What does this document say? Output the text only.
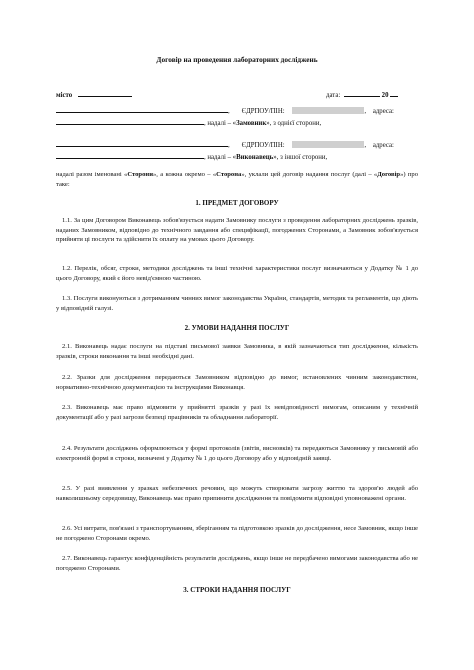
Договір на проведення лабораторних досліджень
місто	дата:	20
,       ЄДРПОУ/ПІН:	,    адреса:
, надалі – «Замовник», з однієї сторони,
,       ЄДРПОУ/ПІН:	,    адреса:
, надалі – «Виконавець», з іншої сторони,
надалі разом іменовані «Сторони», а кожна окремо – «Сторона», уклали цей договір надання послуг (далі – «Договір») про таке:
1. ПРЕДМЕТ ДОГОВОРУ
1.1. За цим Договором Виконавець зобов'язується надати Замовнику послуги з проведення лабораторних досліджень зразків, наданих Замовником, відповідно до технічного завдання або специфікації, погоджених Сторонами, а Замовник зобов'язується прийняти ці послуги та здійснити їх оплату на умовах цього Договору.
1.2. Перелік, обсяг, строки, методики досліджень та інші технічні характеристики послуг визначаються у Додатку № 1 до цього Договору, який є його невід'ємною частиною.
1.3. Послуги виконуються з дотриманням чинних вимог законодавства України, стандартів, методик та регламентів, що діють у відповідній галузі.
2. УМОВИ НАДАННЯ ПОСЛУГ
2.1. Виконавець надає послуги на підставі письмової заявки Замовника, в якій зазначаються тип дослідження, кількість зразків, строки виконання та інші необхідні дані.
2.2. Зразки для дослідження передаються Замовником відповідно до вимог, встановлених чинним законодавством, нормативно-технічною документацією та інструкціями Виконавця.
2.3. Виконавець має право відмовити у прийнятті зразків у разі їх невідповідності вимогам, описаним у технічній документації або у разі загрози безпеці працівників та обладнання лабораторії.
2.4. Результати досліджень оформлюються у формі протоколів (звітів, висновків) та передаються Замовнику у письмовій або електронній формі в строки, визначені у Додатку № 1 до цього Договору або у відповідній заявці.
2.5. У разі виявлення у зразках небезпечних речовин, що можуть створювати загрозу життю та здоров'ю людей або навколишньому середовищу, Виконавець має право припинити дослідження та повідомити відповідні уповноважені органи.
2.6. Усі витрати, пов'язані з транспортуванням, зберіганням та підготовкою зразків до дослідження, несе Замовник, якщо інше не погоджено Сторонами окремо.
2.7. Виконавець гарантує конфіденційність результатів досліджень, якщо інше не передбачено вимогами законодавства або не погоджено Сторонами.
3. СТРОКИ НАДАННЯ ПОСЛУГ
